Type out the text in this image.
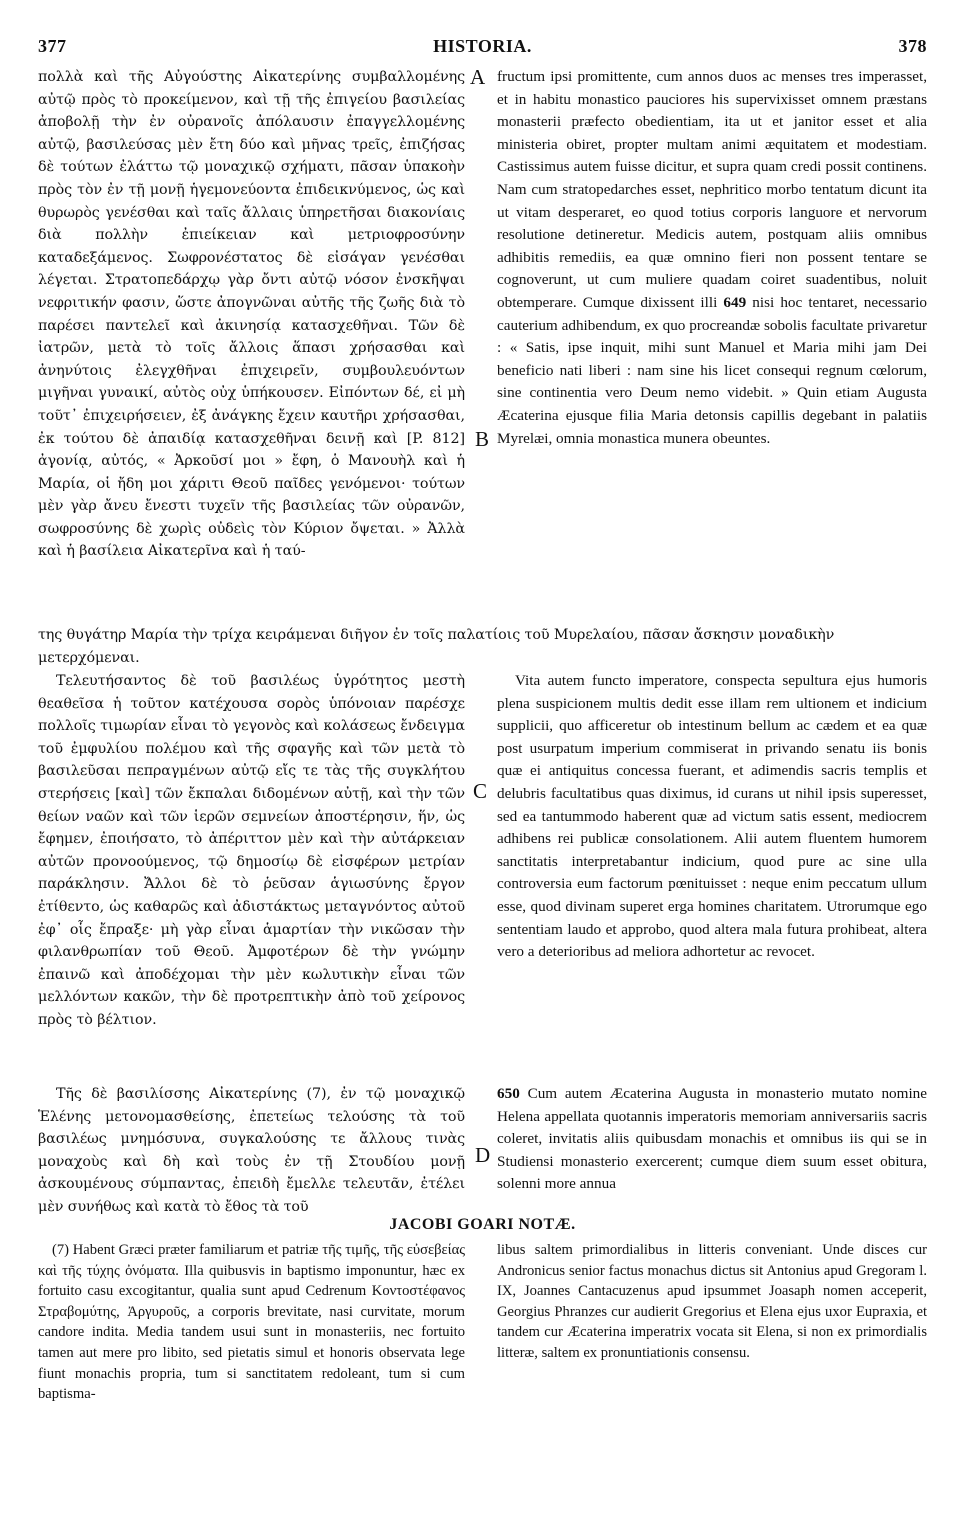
377	HISTORIA.	378

πολλὰ καὶ τῆς Αὐγούστης Αἰκατερίνης συμβαλλομένης αὐτῷ πρὸς τὸ προκείμενον, καὶ τῇ τῆς ἐπιγείου βασιλείας ἀποβολῇ τὴν ἐν οὐρανοῖς ἀπόλαυσιν ἐπαγγελλομένης αὐτῷ, βασιλεύσας μὲν ἔτη δύο καὶ μῆνας τρεῖς, ἐπιζήσας δὲ τούτων ἐλάττω τῷ μοναχικῷ σχήματι, πᾶσαν ὑπακοὴν πρὸς τὸν ἐν τῇ μονῇ ἡγεμονεύοντα ἐπιδεικνύμενος, ὡς καὶ θυρωρὸς γενέσθαι καὶ ταῖς ἄλλαις ὑπηρετῆσαι διακονίαις διὰ πολλὴν ἐπιείκειαν καὶ μετριοφροσύνην καταδεξάμενος. Σωφρονέστατος δὲ εἰσάγαν γενέσθαι λέγεται. Στρατοπεδάρχῳ γὰρ ὄντι αὐτῷ νόσον ἐνσκῆψαι νεφριτικήν φασιν, ὥστε ἀπογνῶναι αὐτῆς τῆς ζωῆς διὰ τὸ παρέσει παντελεῖ καὶ ἀκινησίᾳ κατασχεθῆναι. Τῶν δὲ ἰατρῶν, μετὰ τὸ τοῖς ἄλλοις ἅπασι χρήσασθαι καὶ ἀνηνύτοις ἐλεγχθῆναι ἐπιχειρεῖν, συμβουλευόντων μιγῆναι γυναικί, αὐτὸς οὐχ ὑπήκουσεν. Εἰπόντων δέ, εἰ μὴ τοῦτ᾽ ἐπιχειρήσειεν, ἐξ ἀνάγκης ἔχειν καυτῆρι χρήσασθαι, ἐκ τούτου δὲ ἀπαιδίᾳ κατασχεθῆναι δεινῇ καὶ [P. 812] ἀγονίᾳ, αὐτός, « Ἀρκοῦσί μοι » ἔφη, ὁ Μανουὴλ καὶ ἡ Μαρία, οἱ ἤδη μοι χάριτι Θεοῦ παῖδες γενόμενοι· τούτων μὲν γὰρ ἄνευ ἔνεστι τυχεῖν τῆς βασιλείας τῶν οὐρανῶν, σωφροσύνης δὲ χωρὶς οὐδεὶς τὸν Κύριον ὄψεται. » Ἀλλὰ καὶ ἡ βασίλεια Αἰκατερῖνα καὶ ἡ ταύ-

fructum ipsi promittente, cum annos duos ac menses tres imperasset, et in habitu monastico pauciores his supervixisset omnem præstans monasterii præfecto obedientiam, ita ut et janitor esset et alia ministeria obiret, propter multam animi æquitatem et modestiam. Castissimus autem fuisse dicitur, et supra quam credi possit continens. Nam cum stratopedarches esset, nephritico morbo tentatum dicunt ita ut vitam desperaret, eo quod totius corporis languore et nervorum resolutione detineretur. Medicis autem, postquam aliis omnibus adhibitis remediis, ea quæ omnino fieri non possent tentare se cognoverunt, ut cum muliere quadam coiret suadentibus, noluit obtemperare. Cumque dixissent illi 649 nisi hoc tentaret, necessario cauterium adhibendum, ex quo procreandæ sobolis facultate privaretur : « Satis, ipse inquit, mihi sunt Manuel et Maria mihi jam Dei beneficio nati liberi : nam sine his licet consequi regnum cœlorum, sine continentia vero Deum nemo videbit. » Quin etiam Augusta Æcaterina ejusque filia Maria detonsis capillis degebant in palatiis Myrelæi, omnia monastica munera obeuntes.

της θυγάτηρ Μαρία τὴν τρίχα κειράμεναι διῆγον ἐν τοῖς παλατίοις τοῦ Μυρελαίου, πᾶσαν ἄσκησιν μοναδικὴν
μετερχόμεναι.

Τελευτήσαντος δὲ τοῦ βασιλέως ὑγρότητος μεστὴ θεαθεῖσα ἡ τοῦτον κατέχουσα σορὸς ὑπόνοιαν παρέσχε πολλοῖς τιμωρίαν εἶναι τὸ γεγονὸς καὶ κολάσεως ἔνδειγμα τοῦ ἐμφυλίου πολέμου καὶ τῆς σφαγῆς καὶ τῶν μετὰ τὸ βασιλεῦσαι πεπραγμένων αὐτῷ εἴς τε τὰς τῆς συγκλήτου στερήσεις [καὶ] τῶν ἔκπαλαι διδομένων αὐτῇ, καὶ τὴν τῶν θείων ναῶν καὶ τῶν ἱερῶν σεμνείων ἀποστέρησιν, ἥν, ὡς ἔφημεν, ἐποιήσατο, τὸ ἀπέριττον μὲν καὶ τὴν αὐτάρκειαν αὐτῶν προνοούμενος, τῷ δημοσίῳ δὲ εἰσφέρων μετρίαν παράκλησιν. Ἄλλοι δὲ τὸ ῥεῦσαν ἁγιωσύνης ἔργον ἐτίθεντο, ὡς καθαρῶς καὶ ἀδιστάκτως μεταγνόντος αὐτοῦ ἐφ᾽ οἷς ἔπραξε· μὴ γὰρ εἶναι ἁμαρτίαν τὴν νικῶσαν τὴν φιλανθρωπίαν τοῦ Θεοῦ. Ἀμφοτέρων δὲ τὴν γνώμην ἐπαινῶ καὶ ἀποδέχομαι τὴν μὲν κωλυτικὴν εἶναι τῶν μελλόντων κακῶν, τὴν δὲ προτρεπτικὴν ἀπὸ τοῦ χείρονος πρὸς τὸ βέλτιον.

Vita autem functo imperatore, conspecta sepultura ejus humoris plena suspicionem multis dedit esse illam rem ultionem et indicium supplicii, quo afficeretur ob intestinum bellum ac cædem et ea quæ post usurpatum imperium commiserat in privando senatu iis bonis quæ ei antiquitus concessa fuerant, et adimendis sacris templis et delubris facultatibus quas diximus, id curans ut nihil ipsis superesset, sed ea tantummodo haberent quæ ad victum satis essent, mediocrem adhibens rei publicæ consolationem. Alii autem fluentem humorem sanctitatis interpretabantur indicium, quod pure ac sine ulla controversia eum factorum pœnituisset : neque enim peccatum ullum esse, quod divinam superet erga homines charitatem. Utrorumque ego sententiam laudo et approbo, quod altera mala futura prohibeat, altera vero a deterioribus ad meliora adhortetur ac revocet.

Τῆς δὲ βασιλίσσης Αἰκατερίνης (7), ἐν τῷ μοναχικῷ Ἑλένης μετονομασθείσης, ἐπετείως τελούσης τὰ τοῦ βασιλέως μνημόσυνα, συγκαλούσης τε ἄλλους τινὰς μοναχοὺς καὶ δὴ καὶ τοὺς ἐν τῇ Στουδίου μονῇ ἀσκουμένους σύμπαντας, ἐπειδὴ ἔμελλε τελευτᾶν, ἐτέλει μὲν συνήθως καὶ κατὰ τὸ ἔθος τὰ τοῦ

650 Cum autem Æcaterina Augusta in monasterio mutato nomine Helena appellata quotannis imperatoris memoriam anniversariis sacris coleret, invitatis aliis quibusdam monachis et omnibus iis qui se in Studiensi monasterio exercerent; cumque diem suum esset obitura, solenni more annua

A
B
C
D
JACOBI GOARI NOTÆ.

(7) Habent Græci præter familiarum et patriæ τῆς τιμῆς, τῆς εὐσεβείας καὶ τῆς τύχης ὀνόματα. Illa quibusvis in baptismo imponuntur, hæc ex fortuito casu excogitantur, qualia sunt apud Cedrenum Κοντοστέφανος Στραβομύτης, Ἀργυροῦς, a corporis brevitate, nasi curvitate, morum candore indita. Media tandem usui sunt in monasteriis, nec fortuito tamen aut mere pro libito, sed pietatis simul et honoris observata lege fiunt monachis propria, tum si sanctitatem redoleant, tum si cum baptisma-

libus saltem primordialibus in litteris conveniant. Unde disces cur Andronicus senior factus monachus dictus sit Antonius apud Gregoram l. IX, Joannes Cantacuzenus apud ipsummet Joasaph nomen acceperit, Georgius Phranzes cur audierit Gregorius et Elena ejus uxor Eupraxia, et tandem cur Æcaterina imperatrix vocata sit Elena, si non ex primordialis litteræ, saltem ex pronuntiationis consensu.
